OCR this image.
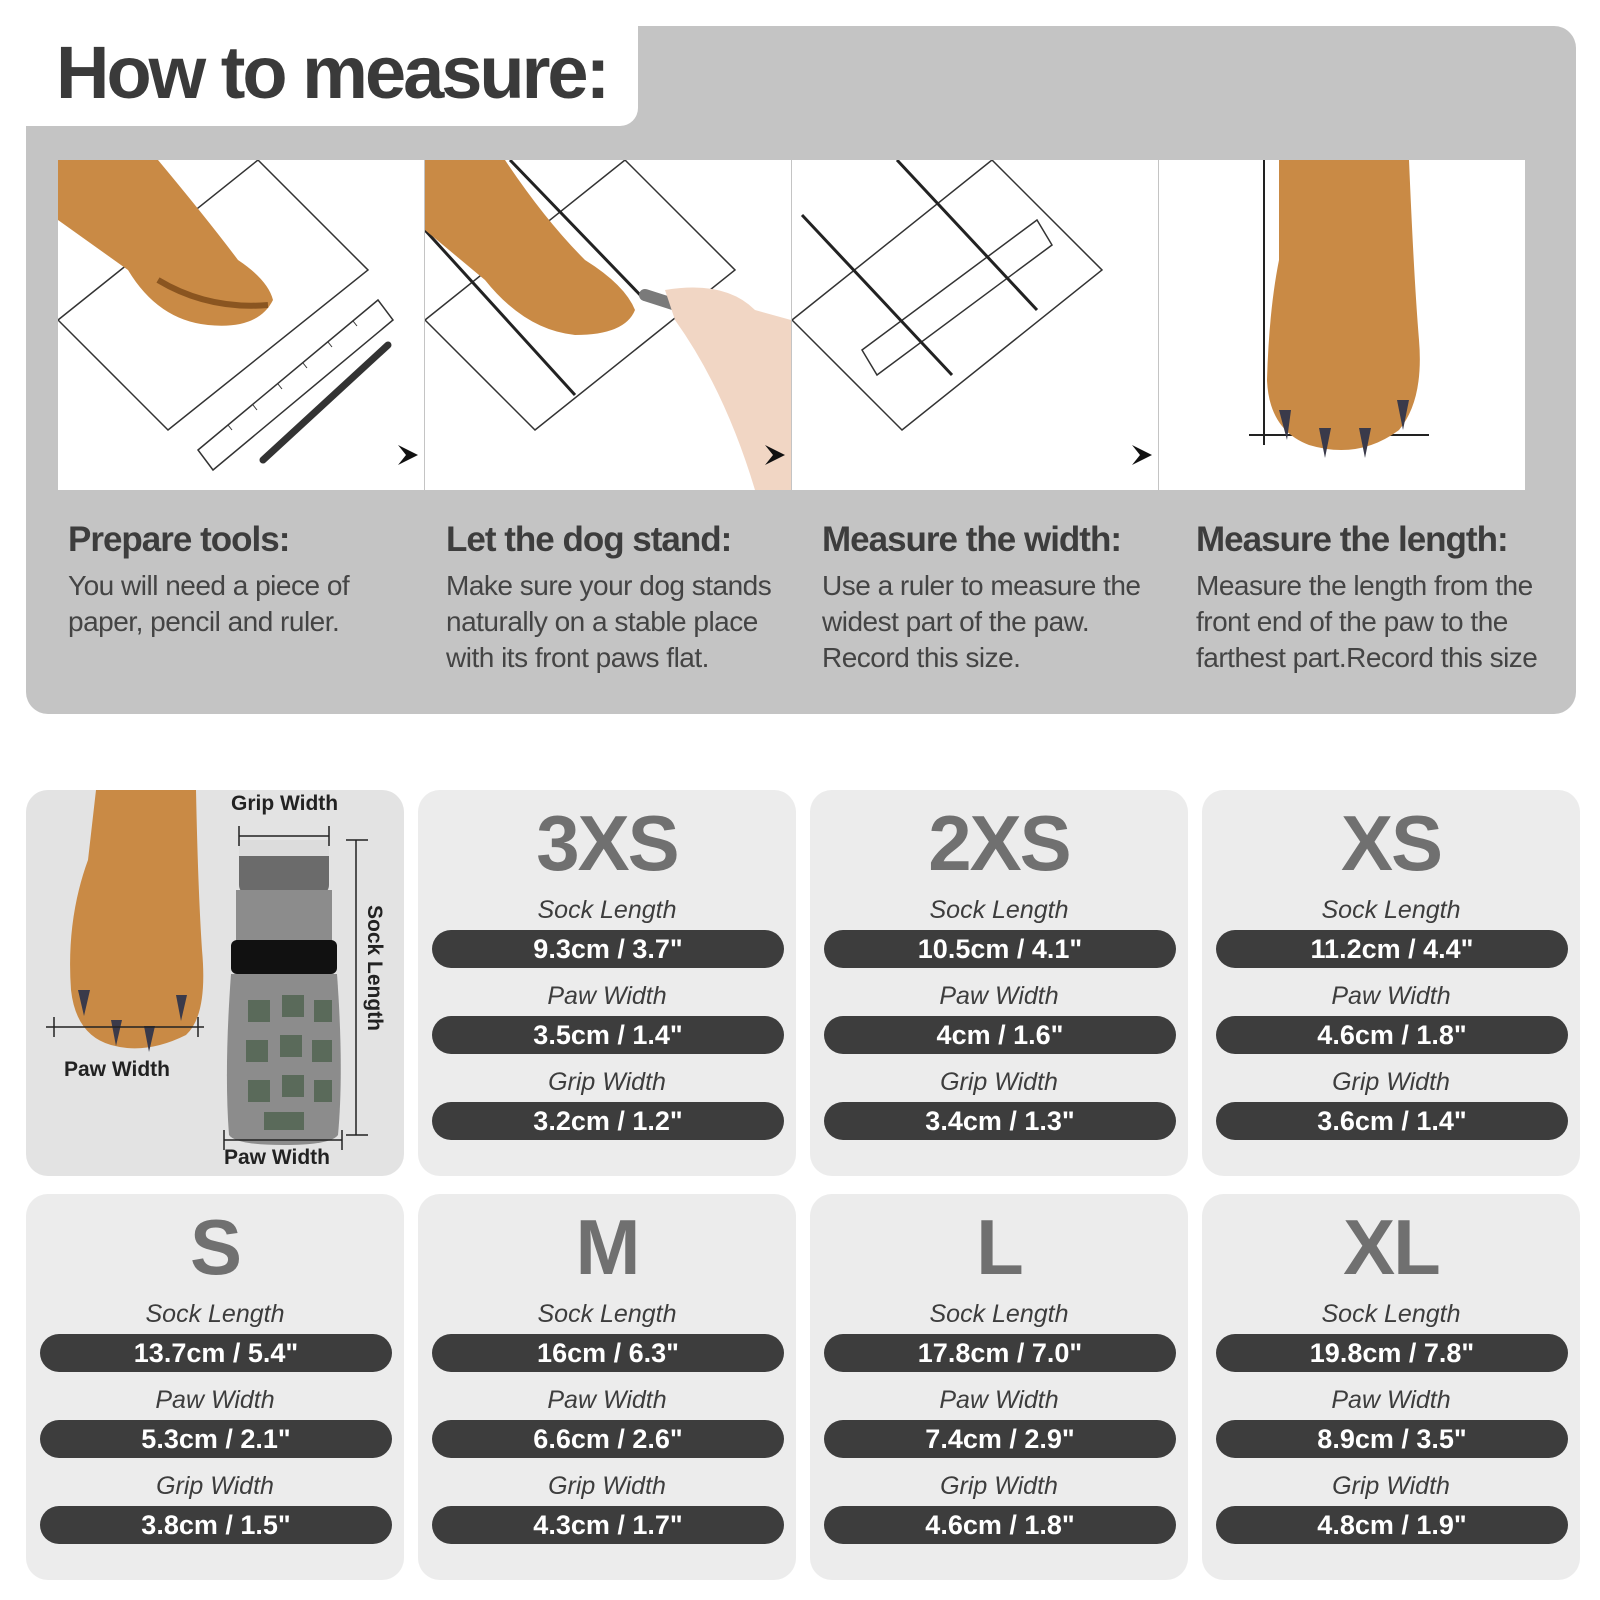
How to measure:
Prepare tools:

You will need a piece of
paper, pencil and ruler.

Let the dog stand:

Make sure your dog stands
naturally on a stable place
with its front paws flat.

Measure the width:

Use a ruler to measure the
widest part of the paw.
Record this size.

Measure the length:

Measure the length from the
front end of the paw to the
farthest part.Record this size

Grip Width
Sock Length
Paw Width
Paw Width
3XS
Sock Length
9.3cm / 3.7"
Paw Width
3.5cm / 1.4"
Grip Width
3.2cm / 1.2"
2XS
Sock Length
10.5cm / 4.1"
Paw Width
4cm / 1.6"
Grip Width
3.4cm / 1.3"
XS
Sock Length
11.2cm / 4.4"
Paw Width
4.6cm / 1.8"
Grip Width
3.6cm / 1.4"
S
Sock Length
13.7cm / 5.4"
Paw Width
5.3cm / 2.1"
Grip Width
3.8cm / 1.5"
M
Sock Length
16cm / 6.3"
Paw Width
6.6cm / 2.6"
Grip Width
4.3cm / 1.7"
L
Sock Length
17.8cm / 7.0"
Paw Width
7.4cm / 2.9"
Grip Width
4.6cm / 1.8"
XL
Sock Length
19.8cm / 7.8"
Paw Width
8.9cm / 3.5"
Grip Width
4.8cm / 1.9"
